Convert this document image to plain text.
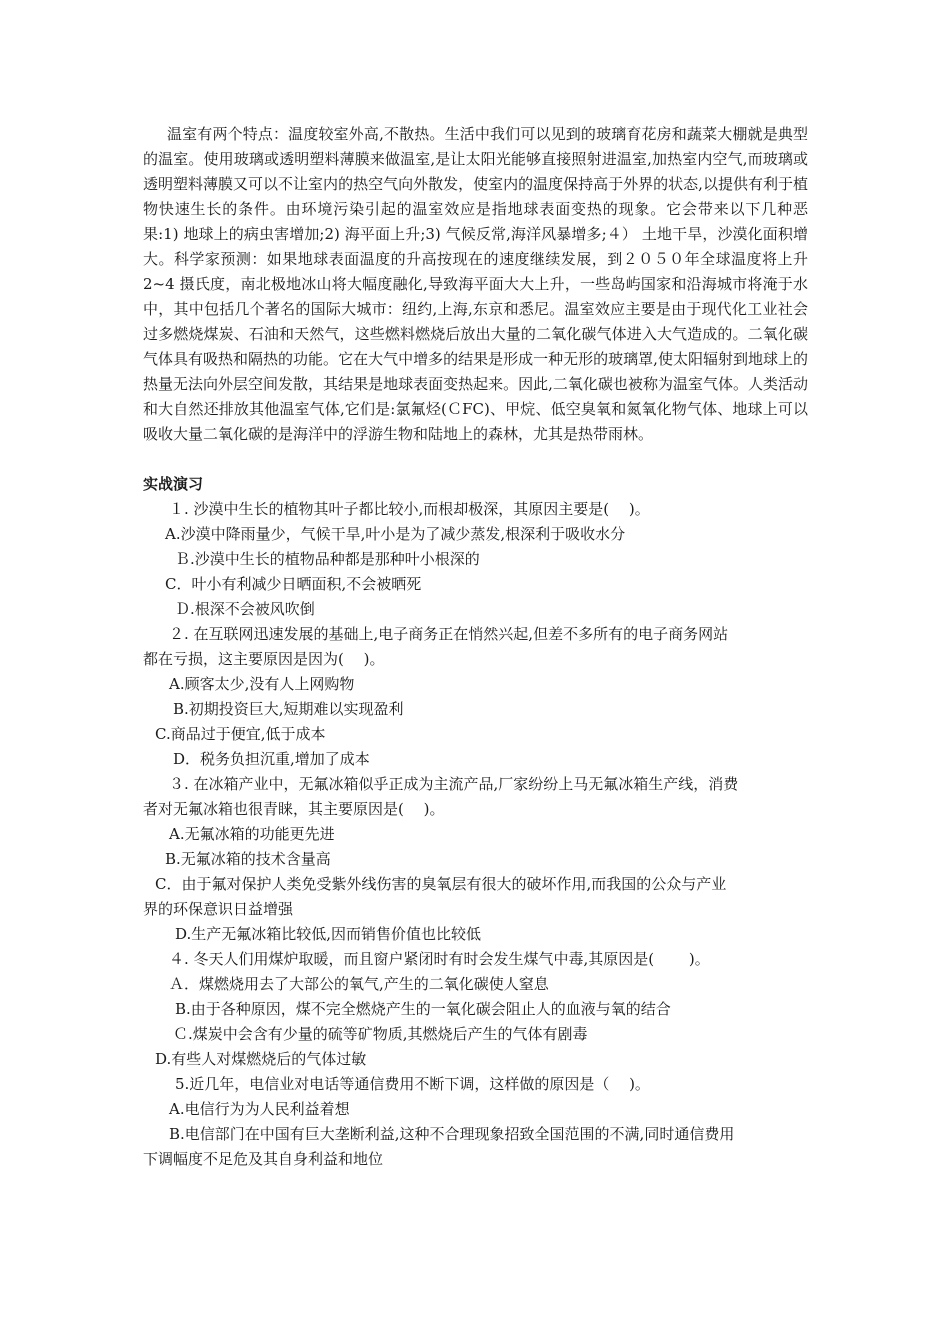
温室有两个特点：温度较室外高,不散热。生活中我们可以见到的玻璃育花房和蔬菜大棚就是典型的温室。使用玻璃或透明塑料薄膜来做温室,是让太阳光能够直接照射进温室,加热室内空气,而玻璃或透明塑料薄膜又可以不让室内的热空气向外散发，使室内的温度保持高于外界的状态,以提供有利于植物快速生长的条件。由环境污染引起的温室效应是指地球表面变热的现象。它会带来以下几种恶果:1) 地球上的病虫害增加;2) 海平面上升;3) 气候反常,海洋风暴增多;４） 土地干旱，沙漠化面积增大。科学家预测：如果地球表面温度的升高按现在的速度继续发展，到２０５０年全球温度将上升 2~4 摄氏度，南北极地冰山将大幅度融化,导致海平面大大上升，一些岛屿国家和沿海城市将淹于水中，其中包括几个著名的国际大城市：纽约,上海,东京和悉尼。温室效应主要是由于现代化工业社会过多燃烧煤炭、石油和天然气，这些燃料燃烧后放出大量的二氧化碳气体进入大气造成的。二氧化碳气体具有吸热和隔热的功能。它在大气中增多的结果是形成一种无形的玻璃罩,使太阳辐射到地球上的热量无法向外层空间发散，其结果是地球表面变热起来。因此,二氧化碳也被称为温室气体。人类活动和大自然还排放其他温室气体,它们是:氯氟烃(ＣFC)、甲烷、低空臭氧和氮氧化物气体、地球上可以吸收大量二氧化碳的是海洋中的浮游生物和陆地上的森林，尤其是热带雨林。

实战演习

１. 沙漠中生长的植物其叶子都比较小,而根却极深，其原因主要是(　 )。

A.沙漠中降雨量少，气候干旱,叶小是为了减少蒸发,根深利于吸收水分

Ｂ.沙漠中生长的植物品种都是那种叶小根深的

C．叶小有利减少日晒面积,不会被晒死

Ｄ.根深不会被风吹倒

２. 在互联网迅速发展的基础上,电子商务正在悄然兴起,但差不多所有的电子商务网站

都在亏损，这主要原因是因为(　 )。

A.顾客太少,没有人上网购物

B.初期投资巨大,短期难以实现盈利

C.商品过于便宜,低于成本

D．税务负担沉重,增加了成本

３. 在冰箱产业中，无氟冰箱似乎正成为主流产品,厂家纷纷上马无氟冰箱生产线，消费

者对无氟冰箱也很青睐，其主要原因是(　 )。

A.无氟冰箱的功能更先进

B.无氟冰箱的技术含量高

C．由于氟对保护人类免受紫外线伤害的臭氧层有很大的破坏作用,而我国的公众与产业

界的环保意识日益增强

D.生产无氟冰箱比较低,因而销售价值也比较低

４. 冬天人们用煤炉取暖，而且窗户紧闭时有时会发生煤气中毒,其原因是(　　 )。

Ａ．煤燃烧用去了大部公的氧气,产生的二氧化碳使人窒息

B.由于各种原因，煤不完全燃烧产生的一氧化碳会阻止人的血液与氧的结合

Ｃ.煤炭中会含有少量的硫等矿物质,其燃烧后产生的气体有剧毒

D.有些人对煤燃烧后的气体过敏

5.近几年，电信业对电话等通信费用不断下调，这样做的原因是（　 )。

A.电信行为为人民利益着想

B.电信部门在中国有巨大垄断利益,这种不合理现象招致全国范围的不满,同时通信费用

下调幅度不足危及其自身利益和地位
